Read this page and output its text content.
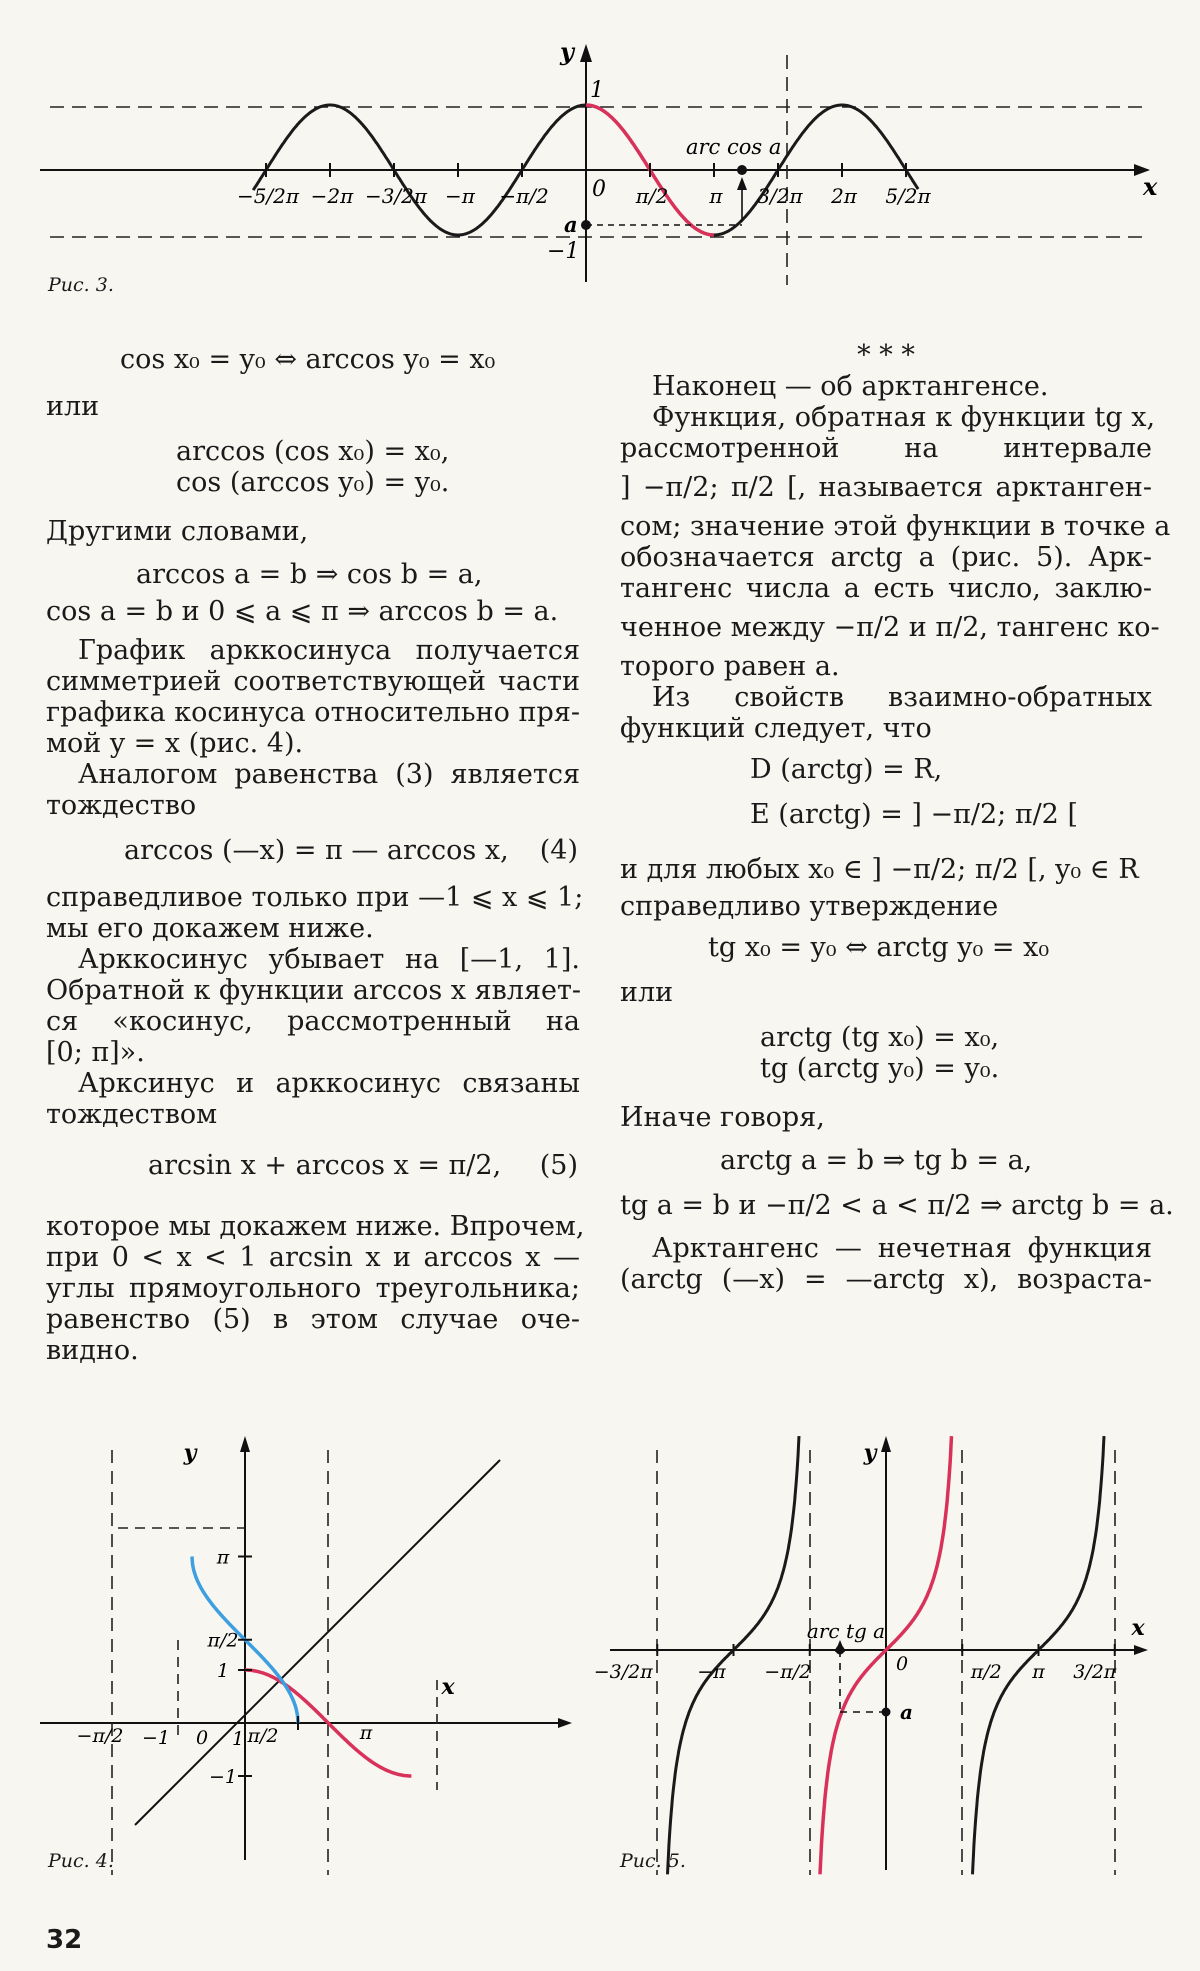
−5/2π −2π −3/2π −π −π/2	π/2 π 3/2π 2π 5/2π
y
x
1
−1
0
arc cos a
a
Рис. 3.
cos x₀ = y₀ ⇔ arccos y₀ = x₀
или
arccos (cos x₀) = x₀,
cos (arccos y₀) = y₀.
Другими словами,
arccos a = b ⇒ cos b = a,
cos a = b и 0 ⩽ a ⩽ π ⇒ arccos b = a.
График арккосинуса получается
симметрией соответствующей части
графика косинуса относительно пря-
мой y = x (рис. 4).
Аналогом равенства (3) является
тождество
arccos (—x) = π — arccos x, (4)
справедливое только при —1 ⩽ x ⩽ 1;
мы его докажем ниже.
Арккосинус убывает на [—1, 1].
Обратной к функции arccos x являет-
ся «косинус, рассмотренный на
[0; π]».
Арксинус и арккосинус связаны
тождеством
arcsin x + arccos x = π/2, (5)
которое мы докажем ниже. Впрочем,
при 0 < x < 1 arcsin x и arccos x —
углы прямоугольного треугольника;
равенство (5) в этом случае оче-
видно.
* * *
Наконец — об арктангенсе.
Функция, обратная к функции tg x,
рассмотренной на интервале
] −π/2; π/2 [, называется арктанген-
сом; значение этой функции в точке a
обозначается arctg a (рис. 5). Арк-
тангенс числа a есть число, заклю-
ченное между −π/2 и π/2, тангенс ко-
торого равен a.
Из свойств взаимно-обратных
функций следует, что
D (arctg) = R,
E (arctg) = ] −π/2; π/2 [
и для любых x₀ ∈ ] −π/2; π/2 [, y₀ ∈ R
справедливо утверждение
tg x₀ = y₀ ⇔ arctg y₀ = x₀
или
arctg (tg x₀) = x₀,
tg (arctg y₀) = y₀.
Иначе говоря,
arctg a = b ⇒ tg b = a,
tg a = b и −π/2 < a < π/2 ⇒ arctg b = a.
Арктангенс — нечетная функция
(arctg (—x) = —arctg x), возраста-
y
x
π
π/2
1
−1
0
−1
−π/2	1 π/2	π
Рис. 4.
y
x
arc tg a
a
0
−3/2π −π −π/2	π/2 π 3/2π
Рис. 5.
32
